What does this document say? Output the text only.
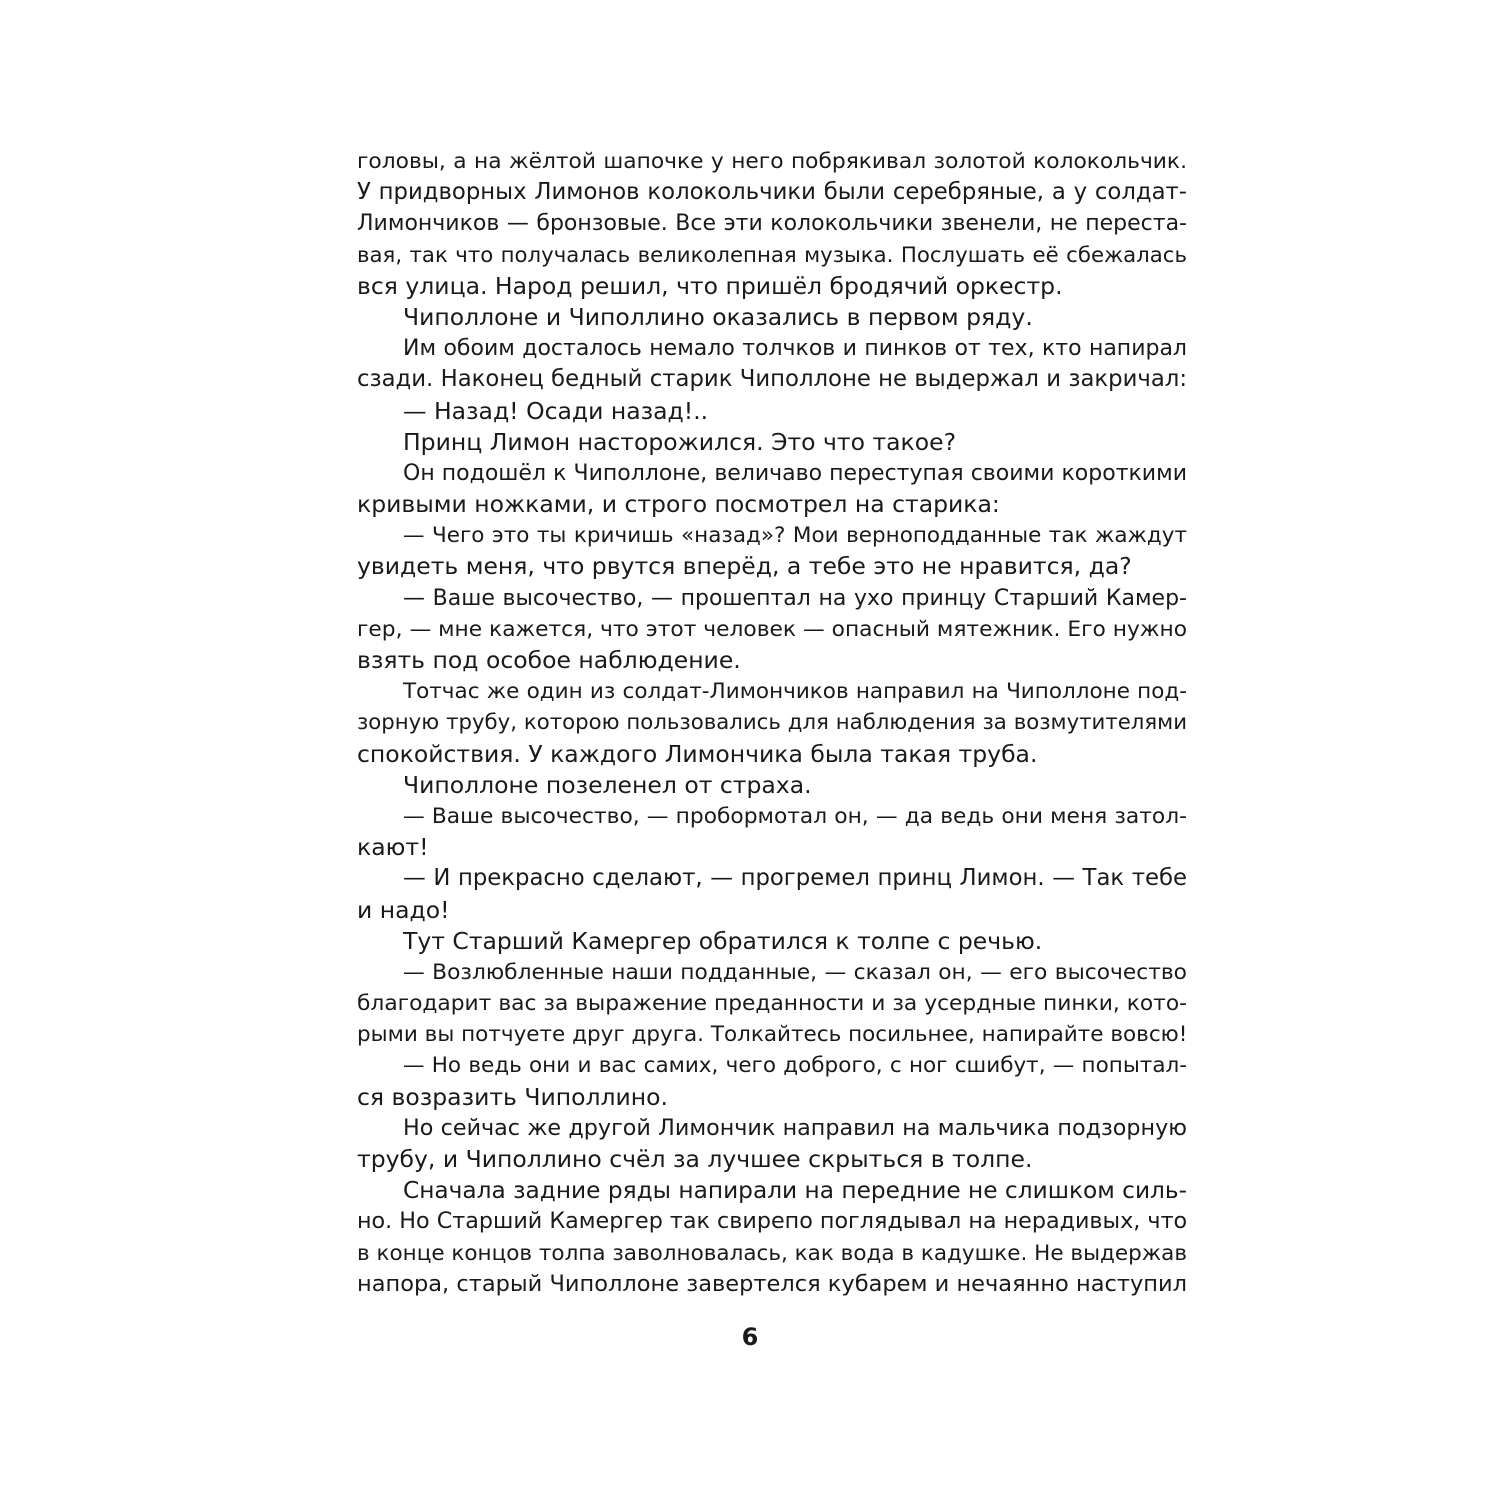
головы, а на жёлтой шапочке у него побрякивал золотой колокольчик.
У придворных Лимонов колокольчики были серебряные, а у солдат-
Лимончиков — бронзовые. Все эти колокольчики звенели, не переста-
вая, так что получалась великолепная музыка. Послушать её сбежалась
вся улица. Народ решил, что пришёл бродячий оркестр.
Чиполлоне и Чиполлино оказались в первом ряду.
Им обоим досталось немало толчков и пинков от тех, кто напирал
сзади. Наконец бедный старик Чиполлоне не выдержал и закричал:
— Назад! Осади назад!..
Принц Лимон насторожился. Это что такое?
Он подошёл к Чиполлоне, величаво переступая своими короткими
кривыми ножками, и строго посмотрел на старика:
— Чего это ты кричишь «назад»? Мои верноподданные так жаждут
увидеть меня, что рвутся вперёд, а тебе это не нравится, да?
— Ваше высочество, — прошептал на ухо принцу Старший Камер-
гер, — мне кажется, что этот человек — опасный мятежник. Его нужно
взять под особое наблюдение.
Тотчас же один из солдат-Лимончиков направил на Чиполлоне под-
зорную трубу, которою пользовались для наблюдения за возмутителями
спокойствия. У каждого Лимончика была такая труба.
Чиполлоне позеленел от страха.
— Ваше высочество, — пробормотал он, — да ведь они меня затол-
кают!
— И прекрасно сделают, — прогремел принц Лимон. — Так тебе
и надо!
Тут Старший Камергер обратился к толпе с речью.
— Возлюбленные наши подданные, — сказал он, — его высочество
благодарит вас за выражение преданности и за усердные пинки, кото-
рыми вы потчуете друг друга. Толкайтесь посильнее, напирайте вовсю!
— Но ведь они и вас самих, чего доброго, с ног сшибут, — попытал-
ся возразить Чиполлино.
Но сейчас же другой Лимончик направил на мальчика подзорную
трубу, и Чиполлино счёл за лучшее скрыться в толпе.
Сначала задние ряды напирали на передние не слишком силь-
но. Но Старший Камергер так свирепо поглядывал на нерадивых, что
в конце концов толпа заволновалась, как вода в кадушке. Не выдержав
напора, старый Чиполлоне завертелся кубарем и нечаянно наступил
6
